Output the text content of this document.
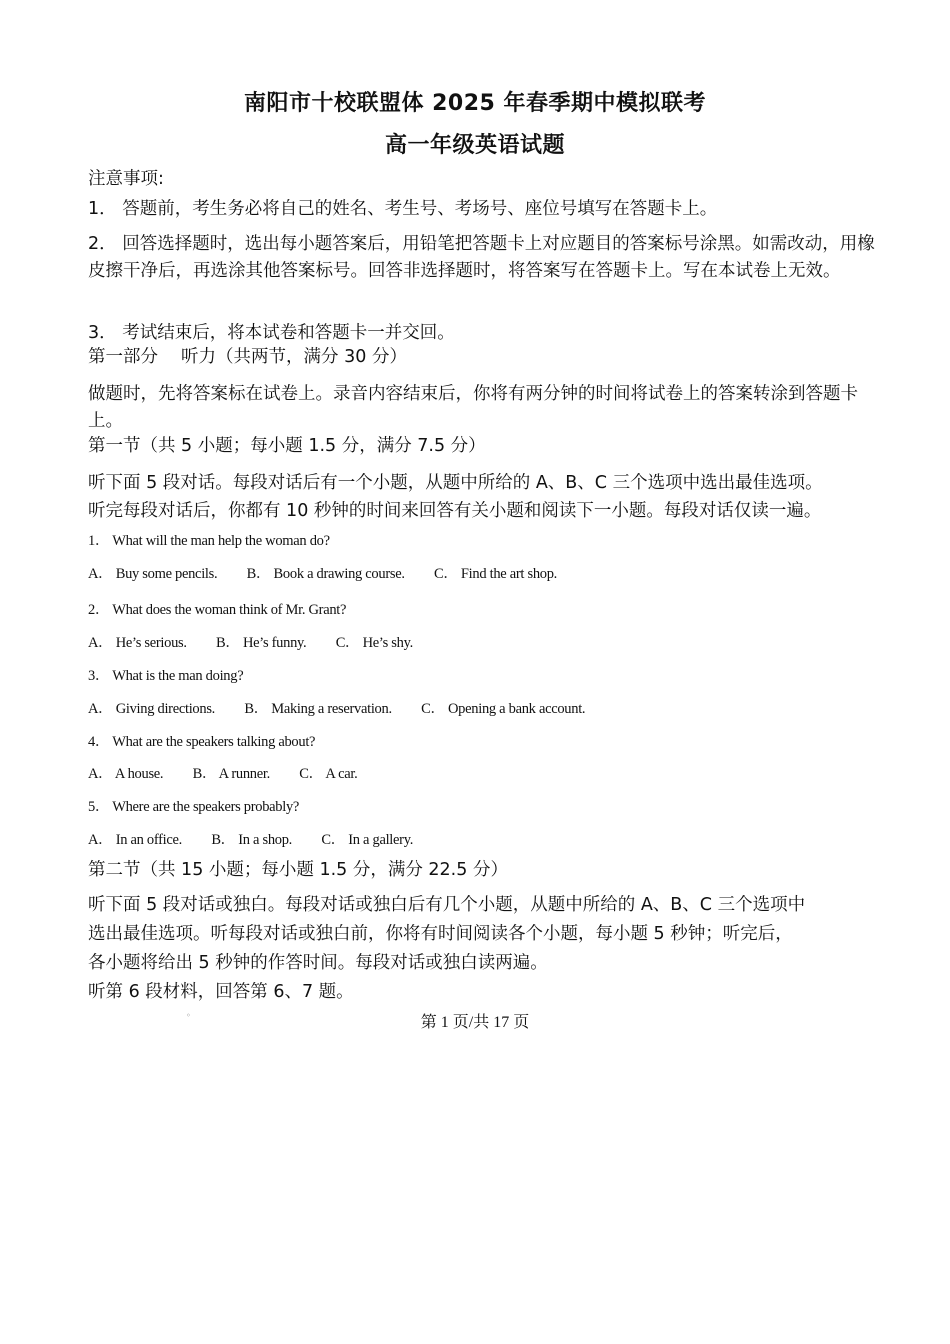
南阳市十校联盟体 2025 年春季期中模拟联考
高一年级英语试题
注意事项:
1． 答题前，考生务必将自己的姓名、考生号、考场号、座位号填写在答题卡上。
2． 回答选择题时，选出每小题答案后，用铅笔把答题卡上对应题目的答案标号涂黑。如需改动，用橡皮擦干净后，再选涂其他答案标号。回答非选择题时，将答案写在答题卡上。写在本试卷上无效。
3． 考试结束后，将本试卷和答题卡一并交回。
第一部分　 听力（共两节，满分 30 分）
做题时，先将答案标在试卷上。录音内容结束后，你将有两分钟的时间将试卷上的答案转涂到答题卡上。
第一节（共 5 小题；每小题 1.5 分，满分 7.5 分）
听下面 5 段对话。每段对话后有一个小题，从题中所给的 A、B、C 三个选项中选出最佳选项。
听完每段对话后，你都有 10 秒钟的时间来回答有关小题和阅读下一小题。每段对话仅读一遍。
1． What will the man help the woman do?
A． Buy some pencils. B． Book a drawing course. C． Find the art shop.
2． What does the woman think of Mr. Grant?
A． He’s serious. B． He’s funny. C． He’s shy.
3． What is the man doing?
A． Giving directions. B． Making a reservation. C． Opening a bank account.
4． What are the speakers talking about?
A． A house. B． A runner. C． A car.
5． Where are the speakers probably?
A． In an office. B． In a shop. C． In a gallery.
第二节（共 15 小题；每小题 1.5 分，满分 22.5 分）
听下面 5 段对话或独白。每段对话或独白后有几个小题，从题中所给的 A、B、C 三个选项中
选出最佳选项。听每段对话或独白前，你将有时间阅读各个小题，每小题 5 秒钟；听完后，
各小题将给出 5 秒钟的作答时间。每段对话或独白读两遍。
听第 6 段材料，回答第 6、7 题。
◦	第 1 页/共 17 页
